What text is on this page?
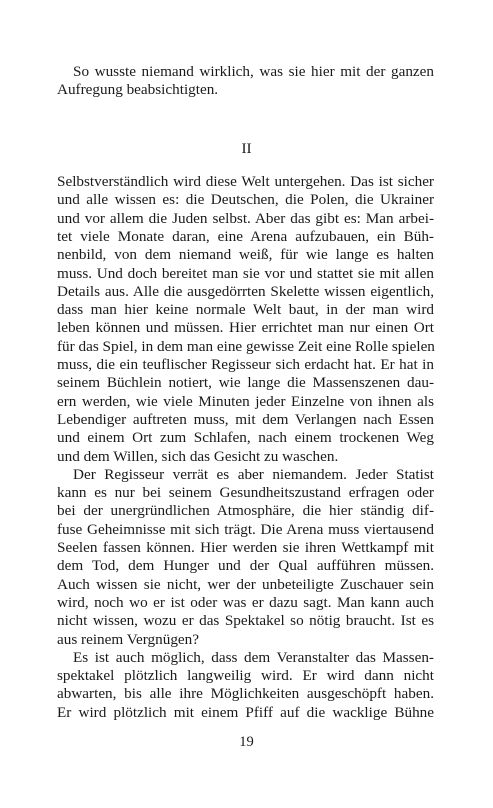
So wusste niemand wirklich, was sie hier mit der ganzen
Aufregung beabsichtigten.
II
Selbstverständlich wird diese Welt untergehen. Das ist sicher
und alle wissen es: die Deutschen, die Polen, die Ukrainer
und vor allem die Juden selbst. Aber das gibt es: Man arbei-
tet viele Monate daran, eine Arena aufzubauen, ein Büh-
nenbild, von dem niemand weiß, für wie lange es halten
muss. Und doch bereitet man sie vor und stattet sie mit allen
Details aus. Alle die ausgedörrten Skelette wissen eigentlich,
dass man hier keine normale Welt baut, in der man wird
leben können und müssen. Hier errichtet man nur einen Ort
für das Spiel, in dem man eine gewisse Zeit eine Rolle spielen
muss, die ein teuflischer Regisseur sich erdacht hat. Er hat in
seinem Büchlein notiert, wie lange die Massenszenen dau-
ern werden, wie viele Minuten jeder Einzelne von ihnen als
Lebendiger auftreten muss, mit dem Verlangen nach Essen
und einem Ort zum Schlafen, nach einem trockenen Weg
und dem Willen, sich das Gesicht zu waschen.
Der Regisseur verrät es aber niemandem. Jeder Statist
kann es nur bei seinem Gesundheitszustand erfragen oder
bei der unergründlichen Atmosphäre, die hier ständig dif-
fuse Geheimnisse mit sich trägt. Die Arena muss viertausend
Seelen fassen können. Hier werden sie ihren Wettkampf mit
dem Tod, dem Hunger und der Qual aufführen müssen.
Auch wissen sie nicht, wer der unbeteiligte Zuschauer sein
wird, noch wo er ist oder was er dazu sagt. Man kann auch
nicht wissen, wozu er das Spektakel so nötig braucht. Ist es
aus reinem Vergnügen?
Es ist auch möglich, dass dem Veranstalter das Massen-
spektakel plötzlich langweilig wird. Er wird dann nicht
abwarten, bis alle ihre Möglichkeiten ausgeschöpft haben.
Er wird plötzlich mit einem Pfiff auf die wacklige Bühne
19
